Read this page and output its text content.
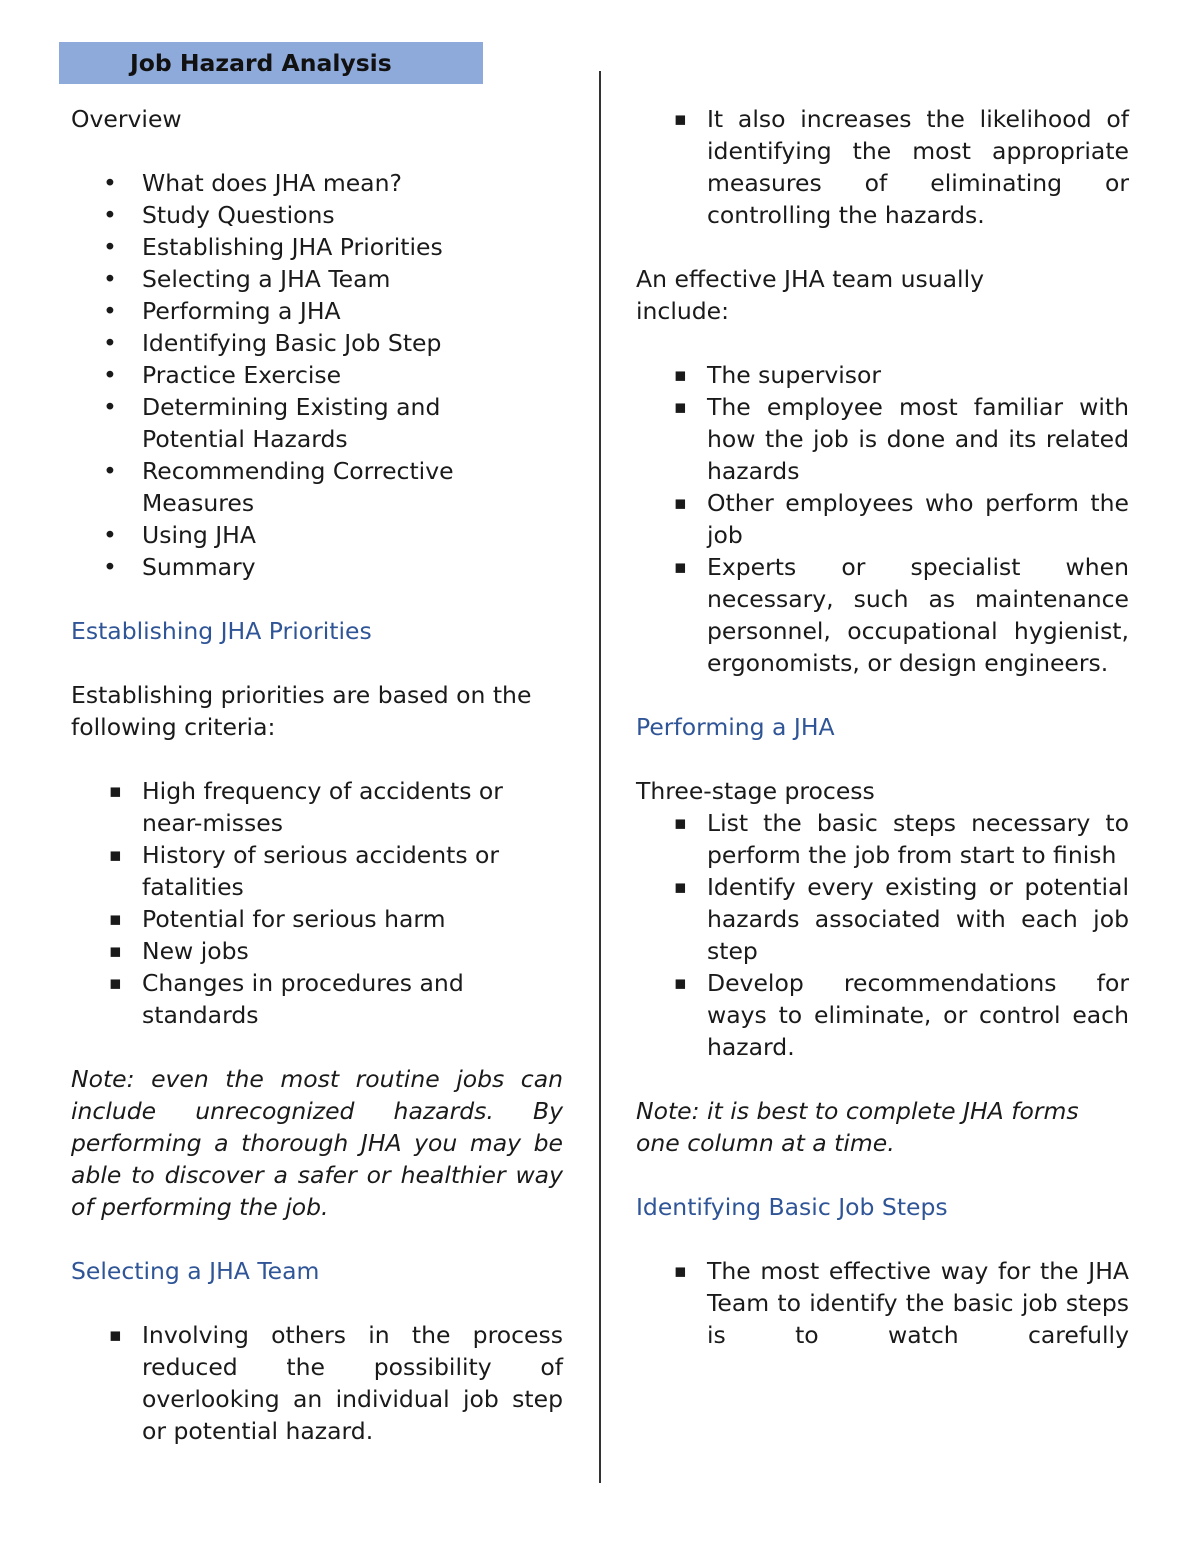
Job Hazard Analysis
Overview
• What does JHA mean?
• Study Questions
• Establishing JHA Priorities
• Selecting a JHA Team
• Performing a JHA
• Identifying Basic Job Step
• Practice Exercise
• Determining Existing and Potential Hazards
• Recommending Corrective Measures
• Using JHA
• Summary
Establishing JHA Priorities
Establishing priorities are based on the following criteria:
▪ High frequency of accidents or near-misses
▪ History of serious accidents or fatalities
▪ Potential for serious harm
▪ New jobs
▪ Changes in procedures and standards
Note: even the most routine jobs can include unrecognized hazards. By performing a thorough JHA you may be able to discover a safer or healthier way of performing the job.
Selecting a JHA Team
▪ Involving others in the process reduced the possibility of overlooking an individual job step or potential hazard.
▪ It also increases the likelihood of identifying the most appropriate measures of eliminating or controlling the hazards.
An effective JHA team usually include:
▪ The supervisor
▪ The employee most familiar with how the job is done and its related hazards
▪ Other employees who perform the job
▪ Experts or specialist when necessary, such as maintenance personnel, occupational hygienist, ergonomists, or design engineers.
Performing a JHA
Three-stage process
▪ List the basic steps necessary to perform the job from start to finish
▪ Identify every existing or potential hazards associated with each job step
▪ Develop recommendations for ways to eliminate, or control each hazard.
Note: it is best to complete JHA forms one column at a time.
Identifying Basic Job Steps
▪ The most effective way for the JHA Team to identify the basic job steps is to watch carefully
